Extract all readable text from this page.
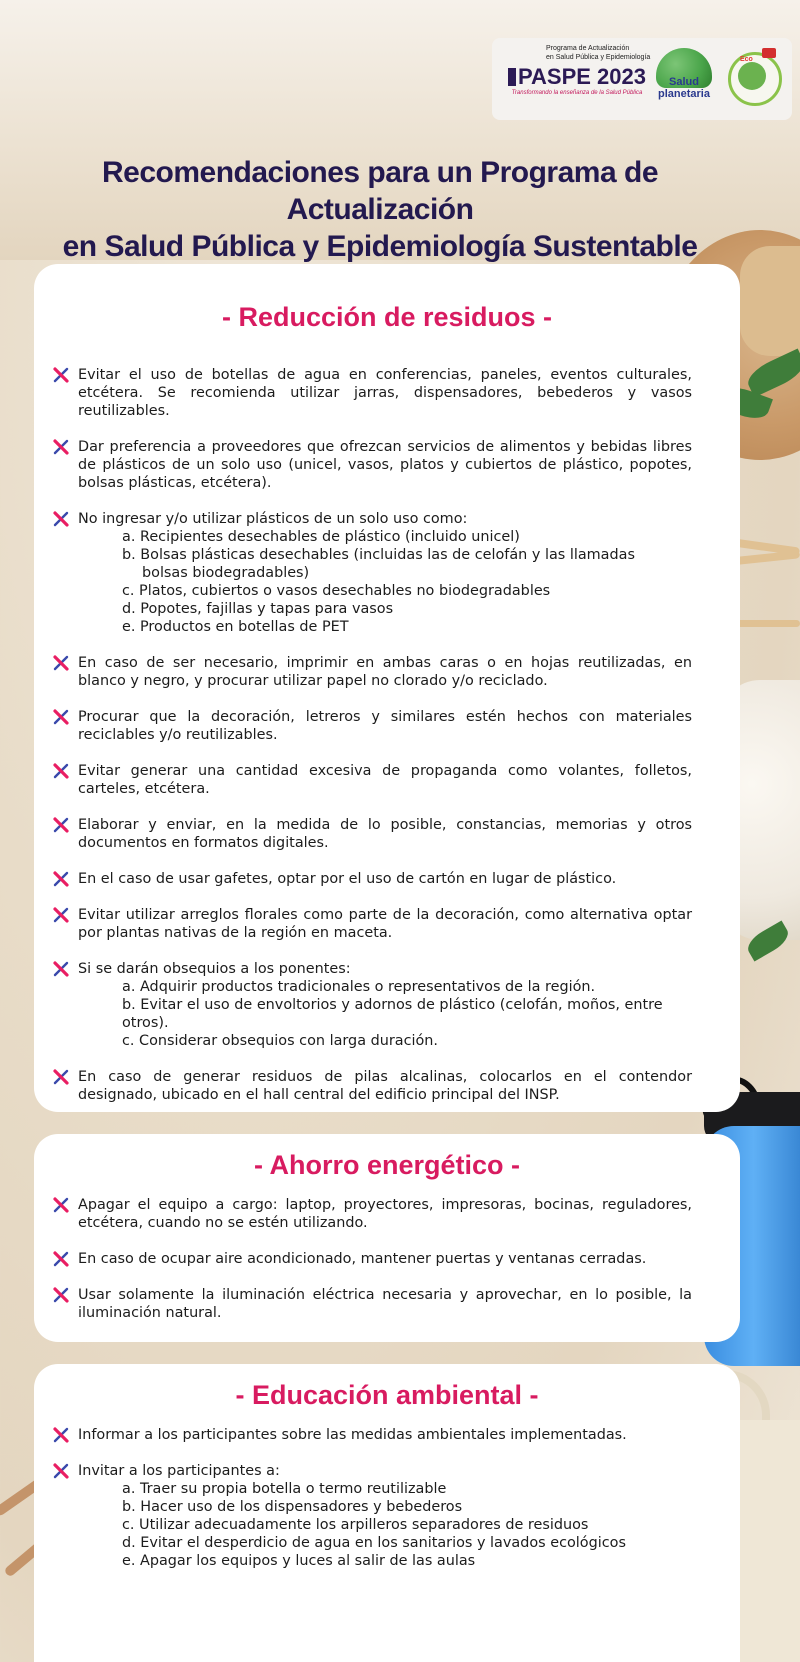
Programa de Actualización
en Salud Pública y Epidemiología
PASPE 2023
Transformando la enseñanza de la Salud Pública
Salud
planetaria
Eco
Recomendaciones para un Programa de Actualización
en Salud Pública y Epidemiología Sustentable
- Reducción de residuos -
Evitar el uso de botellas de agua en conferencias, paneles, eventos culturales, etcétera. Se recomienda utilizar jarras, dispensadores, bebederos y vasos reutilizables.
Dar preferencia a proveedores que ofrezcan servicios de alimentos y bebidas libres de plásticos de un solo uso (unicel, vasos, platos y cubiertos de plástico, popotes, bolsas plásticas, etcétera).
No ingresar y/o utilizar plásticos de un solo uso como:
a. Recipientes desechables de plástico (incluido unicel)
b. Bolsas plásticas desechables (incluidas las de celofán y las llamadas
bolsas biodegradables)
c. Platos, cubiertos o vasos desechables no biodegradables
d. Popotes, fajillas y tapas para vasos
e. Productos en botellas de PET
En caso de ser necesario, imprimir en ambas caras o en hojas reutilizadas, en blanco y negro, y procurar utilizar papel no clorado y/o reciclado.
Procurar que la decoración, letreros y similares estén hechos con materiales reciclables y/o reutilizables.
Evitar generar una cantidad excesiva de propaganda como volantes, folletos, carteles, etcétera.
Elaborar y enviar, en la medida de lo posible, constancias, memorias y otros documentos en formatos digitales.
En el caso de usar gafetes, optar por el uso de cartón en lugar de plástico.
Evitar utilizar arreglos florales como parte de la decoración, como alternativa optar por plantas nativas de la región en maceta.
Si se darán obsequios a los ponentes:
a. Adquirir productos tradicionales o representativos de la región.
b. Evitar el uso de envoltorios y adornos de plástico (celofán, moños, entre otros).
c. Considerar obsequios con larga duración.
En caso de generar residuos de pilas alcalinas, colocarlos en el contendor designado, ubicado en el hall central del edificio principal del INSP.
- Ahorro energético -
Apagar el equipo a cargo: laptop, proyectores, impresoras, bocinas, reguladores, etcétera, cuando no se estén utilizando.
En caso de ocupar aire acondicionado, mantener puertas y ventanas cerradas.
Usar solamente la iluminación eléctrica necesaria y aprovechar, en lo posible, la iluminación natural.
- Educación ambiental -
Informar a los participantes sobre las medidas ambientales implementadas.
Invitar a los participantes a:
a. Traer su propia botella o termo reutilizable
b. Hacer uso de los dispensadores y bebederos
c. Utilizar adecuadamente los arpilleros separadores de residuos
d. Evitar el desperdicio de agua en los sanitarios y lavados ecológicos
e. Apagar los equipos y luces al salir de las aulas
